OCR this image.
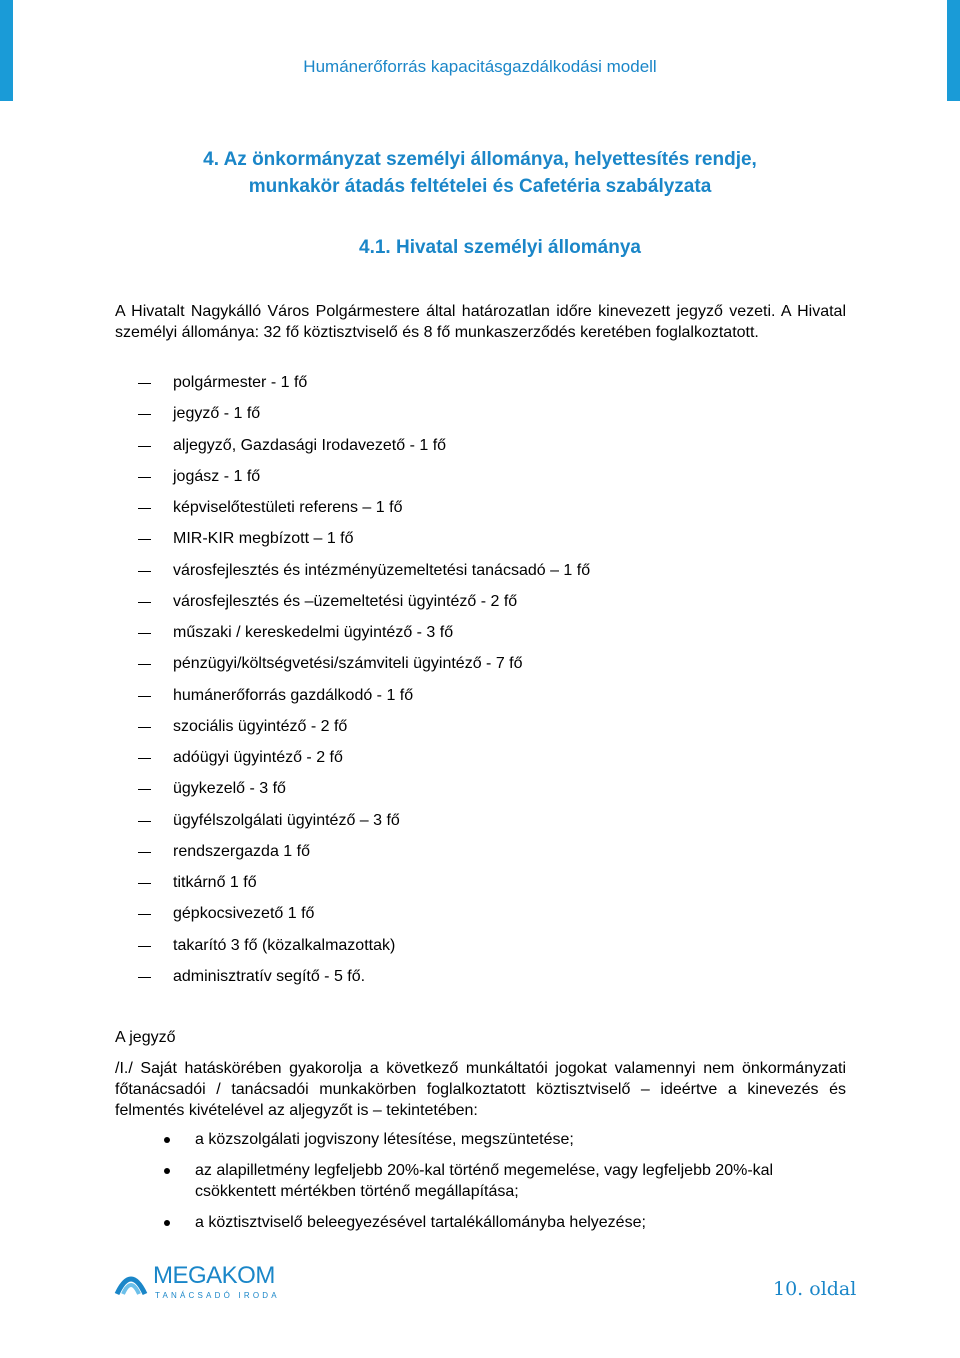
Humánerőforrás kapacitásgazdálkodási modell
4. Az önkormányzat személyi állománya, helyettesítés rendje,
munkakör átadás feltételei és Cafetéria szabályzata
4.1. Hivatal személyi állománya
A Hivatalt Nagykálló Város Polgármestere által határozatlan időre kinevezett jegyző vezeti. A Hivatal személyi állománya: 32 fő köztisztviselő és 8 fő munkaszerződés keretében foglalkoztatott.
polgármester - 1 fő
jegyző - 1 fő
aljegyző, Gazdasági Irodavezető - 1 fő
jogász - 1 fő
képviselőtestületi referens – 1 fő
MIR-KIR megbízott – 1 fő
városfejlesztés és intézményüzemeltetési tanácsadó – 1 fő
városfejlesztés és –üzemeltetési ügyintéző - 2 fő
műszaki / kereskedelmi ügyintéző - 3 fő
pénzügyi/költségvetési/számviteli ügyintéző - 7 fő
humánerőforrás gazdálkodó - 1 fő
szociális ügyintéző - 2 fő
adóügyi ügyintéző - 2 fő
ügykezelő - 3 fő
ügyfélszolgálati ügyintéző – 3 fő
rendszergazda 1 fő
titkárnő 1 fő
gépkocsivezető 1 fő
takarító 3 fő (közalkalmazottak)
adminisztratív segítő - 5 fő.
A jegyző
/I./ Saját hatáskörében gyakorolja a következő munkáltatói jogokat valamennyi nem önkormányzati főtanácsadói / tanácsadói munkakörben foglalkoztatott köztisztviselő – ideértve a kinevezés és felmentés kivételével az aljegyzőt is – tekintetében:
a közszolgálati jogviszony létesítése, megszüntetése;
az alapilletmény legfeljebb 20%-kal történő megemelése, vagy legfeljebb 20%-kal csökkentett mértékben történő megállapítása;
a köztisztviselő beleegyezésével tartalékállományba helyezése;
MEGAKOM
TANÁCSADÓ IRODA	10. oldal
